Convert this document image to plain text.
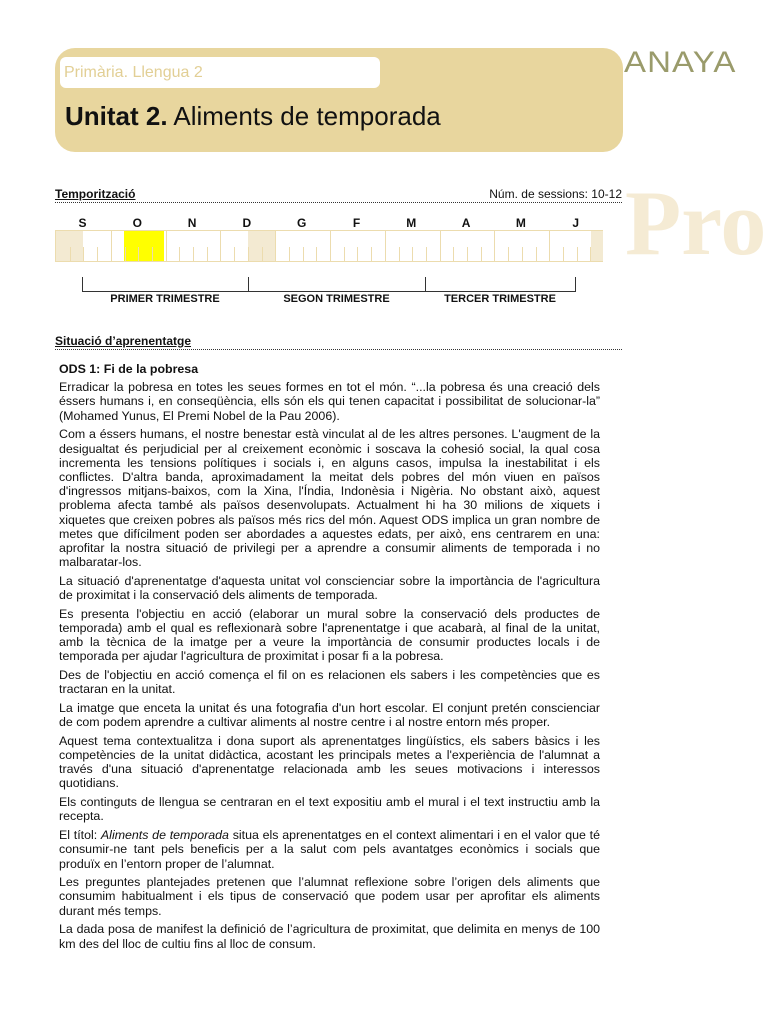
Primària. Llengua 2
Unitat 2. Aliments de temporada
ANAYA
Pro
Temporització	Núm. de sessions: 10-12
S	O	N	D	G	F	M	A	M	J
PRIMER TRIMESTRE	SEGON TRIMESTRE	TERCER TRIMESTRE
Situació d’aprenentatge
ODS 1: Fi de la pobresa

Erradicar la pobresa en totes les seues formes en tot el món. “...la pobresa és una creació dels éssers humans i, en conseqüència, ells són els qui tenen capacitat i possibilitat de solucionar-la” (Mohamed Yunus, El Premi Nobel de la Pau 2006).

Com a éssers humans, el nostre benestar està vinculat al de les altres persones. L'augment de la desigualtat és perjudicial per al creixement econòmic i soscava la cohesió social, la qual cosa incrementa les tensions polítiques i socials i, en alguns casos, impulsa la inestabilitat i els conflictes. D'altra banda, aproximadament la meitat dels pobres del món viuen en països d'ingressos mitjans-baixos, com la Xina, l'Índia, Indonèsia i Nigèria. No obstant això, aquest problema afecta també als països desenvolupats. Actualment hi ha 30 milions de xiquets i xiquetes que creixen pobres als països més rics del món. Aquest ODS implica un gran nombre de metes que difícilment poden ser abordades a aquestes edats, per això, ens centrarem en una: aprofitar la nostra situació de privilegi per a aprendre a consumir aliments de temporada i no malbaratar-los.

La situació d'aprenentatge d'aquesta unitat vol conscienciar sobre la importància de l'agricultura de proximitat i la conservació dels aliments de temporada.

Es presenta l'objectiu en acció (elaborar un mural sobre la conservació dels productes de temporada) amb el qual es reflexionarà sobre l'aprenentatge i que acabarà, al final de la unitat, amb la tècnica de la imatge per a veure la importància de consumir productes locals i de temporada per ajudar l'agricultura de proximitat i posar fi a la pobresa.

Des de l'objectiu en acció comença el fil on es relacionen els sabers i les competències que es tractaran en la unitat.

La imatge que enceta la unitat és una fotografia d'un hort escolar. El conjunt pretén conscienciar de com podem aprendre a cultivar aliments al nostre centre i al nostre entorn més proper.

Aquest tema contextualitza i dona suport als aprenentatges lingüístics, els sabers bàsics i les competències de la unitat didàctica, acostant les principals metes a l'experiència de l'alumnat a través d'una situació d'aprenentatge relacionada amb les seues motivacions i interessos quotidians.

Els continguts de llengua se centraran en el text expositiu amb el mural i el text instructiu amb la recepta.

El títol: Aliments de temporada situa els aprenentatges en el context alimentari i en el valor que té consumir-ne tant pels beneficis per a la salut com pels avantatges econòmics i socials que produïx en l’entorn proper de l’alumnat.

Les preguntes plantejades pretenen que l’alumnat reflexione sobre l’origen dels aliments que consumim habitualment i els tipus de conservació que podem usar per aprofitar els aliments durant més temps.

La dada posa de manifest la definició de l’agricultura de proximitat, que delimita en menys de 100 km des del lloc de cultiu fins al lloc de consum.
